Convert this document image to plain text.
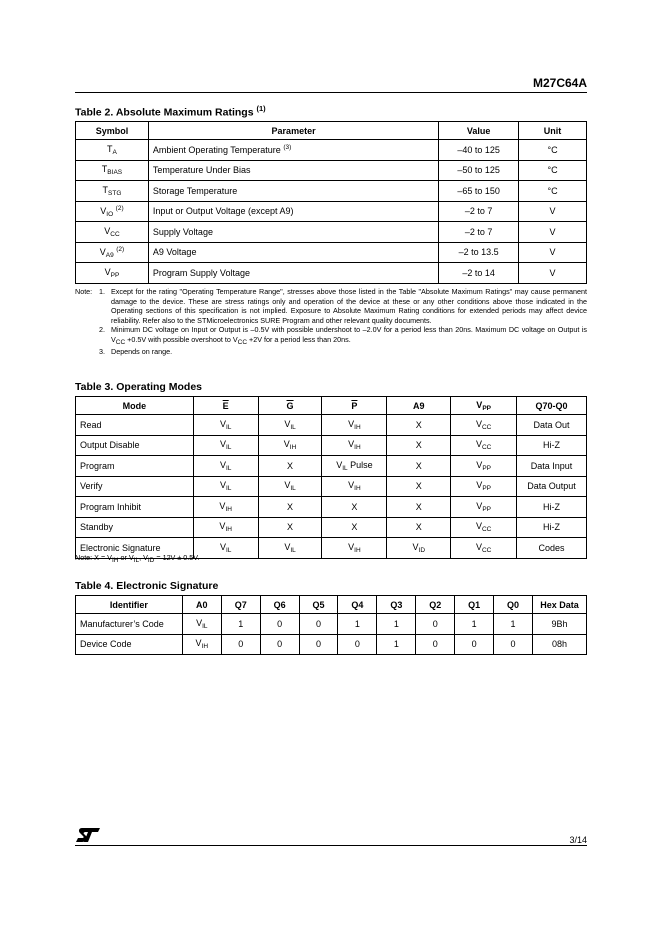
M27C64A
Table 2. Absolute Maximum Ratings $^{(1)}$
Symbol	Parameter	Value	Unit
$T_A$	Ambient Operating Temperature $^{(3)}$	–40 to 125	°C
$T_{BIAS}$	Temperature Under Bias	–50 to 125	°C
$T_{STG}$	Storage Temperature	–65 to 150	°C
$V_{IO}$ $^{(2)}$	Input or Output Voltage (except A9)	–2 to 7	V
$V_{CC}$	Supply Voltage	–2 to 7	V
$V_{A9}$ $^{(2)}$	A9 Voltage	–2 to 13.5	V
$V_{PP}$	Program Supply Voltage	–2 to 14	V
Note: 1. Except for the rating "Operating Temperature Range", stresses above those listed in the Table "Absolute Maximum Ratings" may cause permanent damage to the device. These are stress ratings only and operation of the device at these or any other conditions above those indicated in the Operating sections of this specification is not implied. Exposure to Absolute Maximum Rating conditions for extended periods may affect device reliability. Refer also to the STMicroelectronics SURE Program and other relevant quality documents.
2. Minimum DC voltage on Input or Output is –0.5V with possible undershoot to –2.0V for a period less than 20ns. Maximum DC voltage on Output is $V_{CC} +0.5V$ with possible overshoot to $V_{CC} +2V$ for a period less than 20ns.
3. Depends on range.
Table 3. Operating Modes
Mode	$\overline{E}$	$\overline{G}$	$\overline{P}$	A9	$V_{PP}$	Q70-Q0
Read	$V_{IL}$	$V_{IL}$	$V_{IH}$	X	$V_{CC}$	Data Out
Output Disable	$V_{IL}$	$V_{IH}$	$V_{IH}$	X	$V_{CC}$	Hi-Z
Program	$V_{IL}$	X	$V_{IL}$ Pulse	X	$V_{PP}$	Data Input
Verify	$V_{IL}$	$V_{IL}$	$V_{IH}$	X	$V_{PP}$	Data Output
Program Inhibit	$V_{IH}$	X	X	X	$V_{PP}$	Hi-Z
Standby	$V_{IH}$	X	X	X	$V_{CC}$	Hi-Z
Electronic Signature	$V_{IL}$	$V_{IL}$	$V_{IH}$	$V_{ID}$	$V_{CC}$	Codes
Note: $X = V_{IH}$ or $V_{IL}$, $V_{ID} = 12V \pm 0.5V$.
Table 4. Electronic Signature
Identifier	A0	Q7	Q6	Q5	Q4	Q3	Q2	Q1	Q0	Hex Data
Manufacturer’s Code	$V_{IL}$	1	0	0	1	1	0	1	1	9Bh
Device Code	$V_{IH}$	0	0	0	0	1	0	0	0	08h
3/14
